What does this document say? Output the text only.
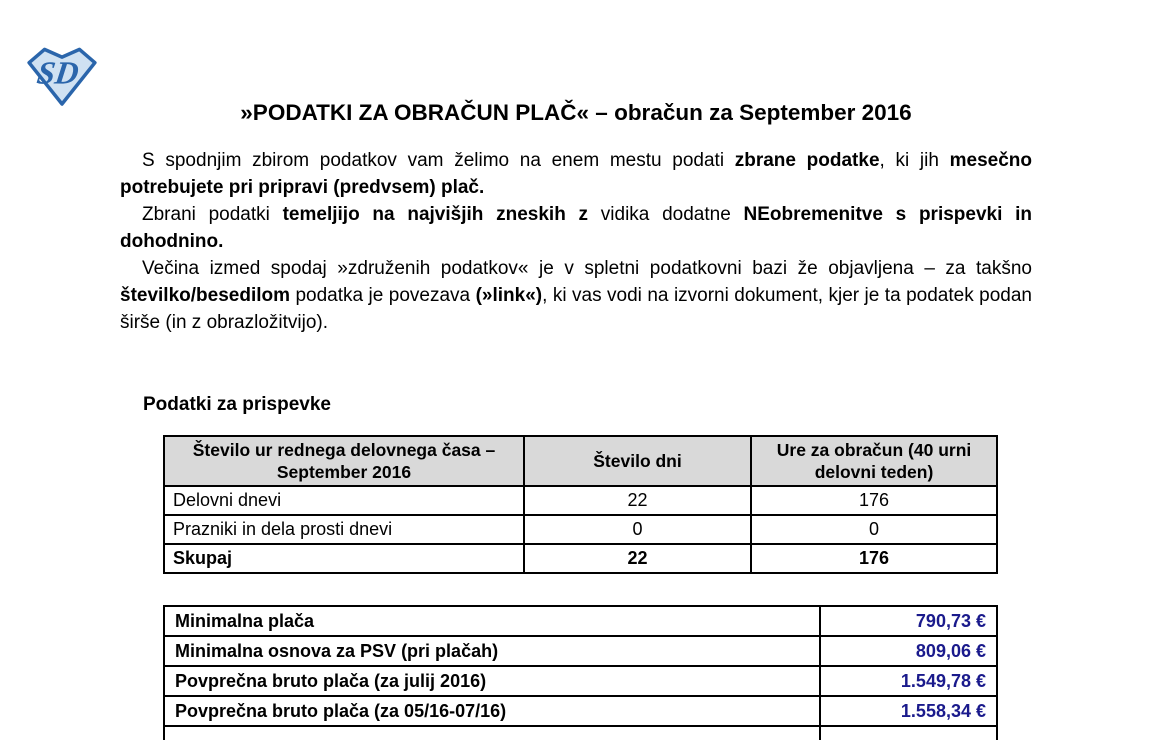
SD
»PODATKI ZA OBRAČUN PLAČ« – obračun za September 2016

S spodnjim zbirom podatkov vam želimo na enem mestu podati zbrane podatke, ki jih mesečno potrebujete pri pripravi (predvsem) plač.

Zbrani podatki temeljijo na najvišjih zneskih z vidika dodatne NEobremenitve s prispevki in dohodnino.

Večina izmed spodaj »združenih podatkov« je v spletni podatkovni bazi že objavljena – za takšno številko/besedilom podatka je povezava (»link«), ki vas vodi na izvorni dokument, kjer je ta podatek podan širše (in z obrazložitvijo).

Podatki za prispevke
Število ur rednega delovnega časa – September 2016	Število dni	Ure za obračun (40 urni delovni teden)
Delovni dnevi	22	176
Prazniki in dela prosti dnevi	0	0
Skupaj	22	176
Minimalna plača	790,73 €
Minimalna osnova za PSV (pri plačah)	809,06 €
Povprečna bruto plača (za julij 2016)	1.549,78 €
Povprečna bruto plača (za 05/16-07/16)	1.558,34 €
